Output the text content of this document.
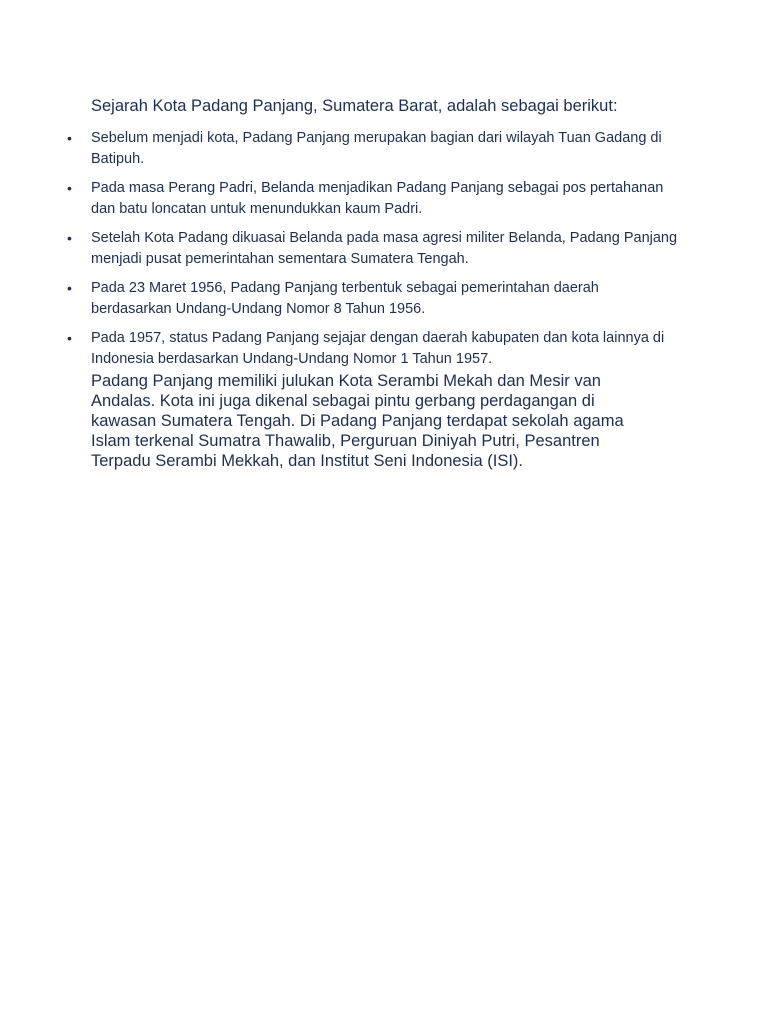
Sejarah Kota Padang Panjang, Sumatera Barat, adalah sebagai berikut:

• Sebelum menjadi kota, Padang Panjang merupakan bagian dari wilayah Tuan Gadang di Batipuh.
• Pada masa Perang Padri, Belanda menjadikan Padang Panjang sebagai pos pertahanan dan batu loncatan untuk menundukkan kaum Padri.
• Setelah Kota Padang dikuasai Belanda pada masa agresi militer Belanda, Padang Panjang menjadi pusat pemerintahan sementara Sumatera Tengah.
• Pada 23 Maret 1956, Padang Panjang terbentuk sebagai pemerintahan daerah berdasarkan Undang-Undang Nomor 8 Tahun 1956.
• Pada 1957, status Padang Panjang sejajar dengan daerah kabupaten dan kota lainnya di Indonesia berdasarkan Undang-Undang Nomor 1 Tahun 1957.

Padang Panjang memiliki julukan Kota Serambi Mekah dan Mesir van Andalas. Kota ini juga dikenal sebagai pintu gerbang perdagangan di kawasan Sumatera Tengah. Di Padang Panjang terdapat sekolah agama Islam terkenal Sumatra Thawalib, Perguruan Diniyah Putri, Pesantren Terpadu Serambi Mekkah, dan Institut Seni Indonesia (ISI).
